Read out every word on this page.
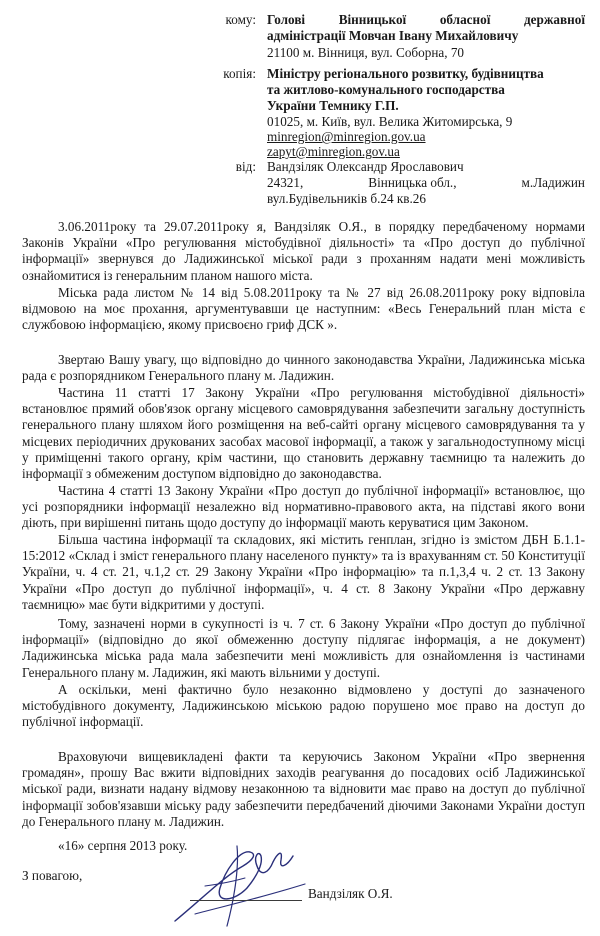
кому: Голові Вінницької обласної державної
адміністрації Мовчан Івану Михайловичу
21100 м. Вінниця, вул. Соборна, 70
копія: Міністру регіонального розвитку, будівництва
та житлово-комунального господарства
України Темнику Г.П.
01025, м. Київ, вул. Велика Житомирська, 9
minregion@minregion.gov.ua
zapyt@minregion.gov.ua
від: Вандзіляк Олександр Ярославович
24321,	Вінницька обл.,	м.Ладижин
вул.Будівельників б.24 кв.26

3.06.2011року та 29.07.2011року я, Вандзіляк О.Я., в порядку передбаченому нормами Законів України «Про регулювання містобудівної діяльності» та «Про доступ до публічної інформації» звернувся до Ладижинської міської ради з проханням надати мені можливість ознайомитися із генеральним планом нашого міста.

Міська рада листом № 14 від 5.08.2011року та № 27 від 26.08.2011року року відповіла відмовою на моє прохання, аргументувавши це наступним: «Весь Генеральний план міста є службовою інформацією, якому присвоєно гриф ДСК ».

Звертаю Вашу увагу, що відповідно до чинного законодавства України, Ладижинська міська рада є розпорядником Генерального плану м. Ладижин.

Частина 11 статті 17 Закону України «Про регулювання містобудівної діяльності» встановлює прямий обов'язок органу місцевого самоврядування забезпечити загальну доступність генерального плану шляхом його розміщення на веб-сайті органу місцевого самоврядування та у місцевих періодичних друкованих засобах масової інформації, а також у загальнодоступному місці у приміщенні такого органу, крім частини, що становить державну таємницю та належить до інформації з обмеженим доступом відповідно до законодавства.

Частина 4 статті 13 Закону України «Про доступ до публічної інформації» встановлює, що усі розпорядники інформації незалежно від нормативно-правового акта, на підставі якого вони діють, при вирішенні питань щодо доступу до інформації мають керуватися цим Законом.

Більша частина інформації та складових, які містить генплан, згідно із змістом ДБН Б.1.1-15:2012 «Склад і зміст генерального плану населеного пункту» та із врахуванням ст. 50 Конституції України, ч. 4 ст. 21, ч.1,2 ст. 29 Закону України «Про інформацію» та п.1,3,4 ч. 2 ст. 13 Закону України «Про доступ до публічної інформації», ч. 4 ст. 8 Закону України «Про державну таємницю» має бути відкритими у доступі.

Тому, зазначені норми в сукупності із ч. 7 ст. 6 Закону України «Про доступ до публічної інформації» (відповідно до якої обмеженню доступу підлягає інформація, а не документ) Ладижинська міська рада мала забезпечити мені можливість для ознайомлення із частинами Генерального плану м. Ладижин, які мають вільними у доступі.

А оскільки, мені фактично було незаконно відмовлено у доступі до зазначеного містобудівного документу, Ладижинською міською радою порушено моє право на доступ до публічної інформації.

Враховуючи вищевикладені факти та керуючись Законом України «Про звернення громадян», прошу Вас вжити відповідних заходів реагування до посадових осіб Ладижинської міської ради, визнати надану відмову незаконною та відновити має право на доступ до публічної інформації зобов'язавши міську раду забезпечити передбачений діючими Законами України доступ до Генерального плану м. Ладижин.

«16» серпня 2013 року.
З повагою,
Вандзіляк О.Я.
